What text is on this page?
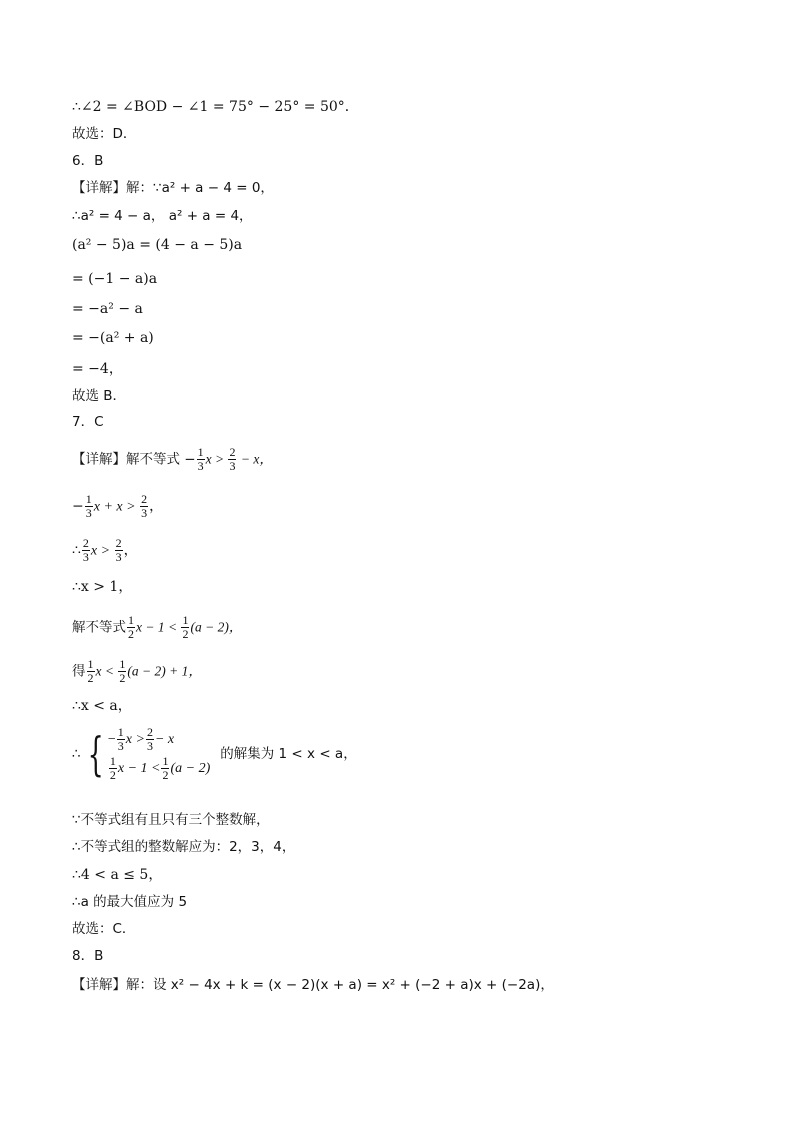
∴∠2 = ∠BOD − ∠1 = 75° − 25° = 50°．
故选：D．
6．B
【详解】解：∵a² + a − 4 = 0，
∴a² = 4 − a， a² + a = 4，
(a² − 5)a = (4 − a − 5)a
= (−1 − a)a
= −a² − a
= −(a² + a)
= −4，
故选 B．
7．C
【详解】解不等式 − $\frac{1}{3}$ $x > \frac{2}{3} - x$，
− $\frac{1}{3}$ $x + x > \frac{2}{3}$ ，
∴ $\frac{2}{3}$ $x > \frac{2}{3}$ ，
∴x > 1，
解不等式 $\frac{1}{2}$ $x - 1 < \frac{1}{2} (a - 2)$，
得 $\frac{1}{2}$ $x < \frac{1}{2} (a - 2) + 1$，
∴x < a，
∴ { − $\frac{1}{3}$ $x > \frac{2}{3} - x$
$\frac{1}{2}$ $x - 1 < \frac{1}{2} (a - 2)$
的解集为 1 < x < a，
∵不等式组有且只有三个整数解，
∴不等式组的整数解应为：2，3，4，
∴4 < a ≤ 5，
∴a 的最大值应为 5
故选：C．
8．B
【详解】解：设 x² − 4x + k = (x − 2)(x + a) = x² + (−2 + a)x + (−2a)，
